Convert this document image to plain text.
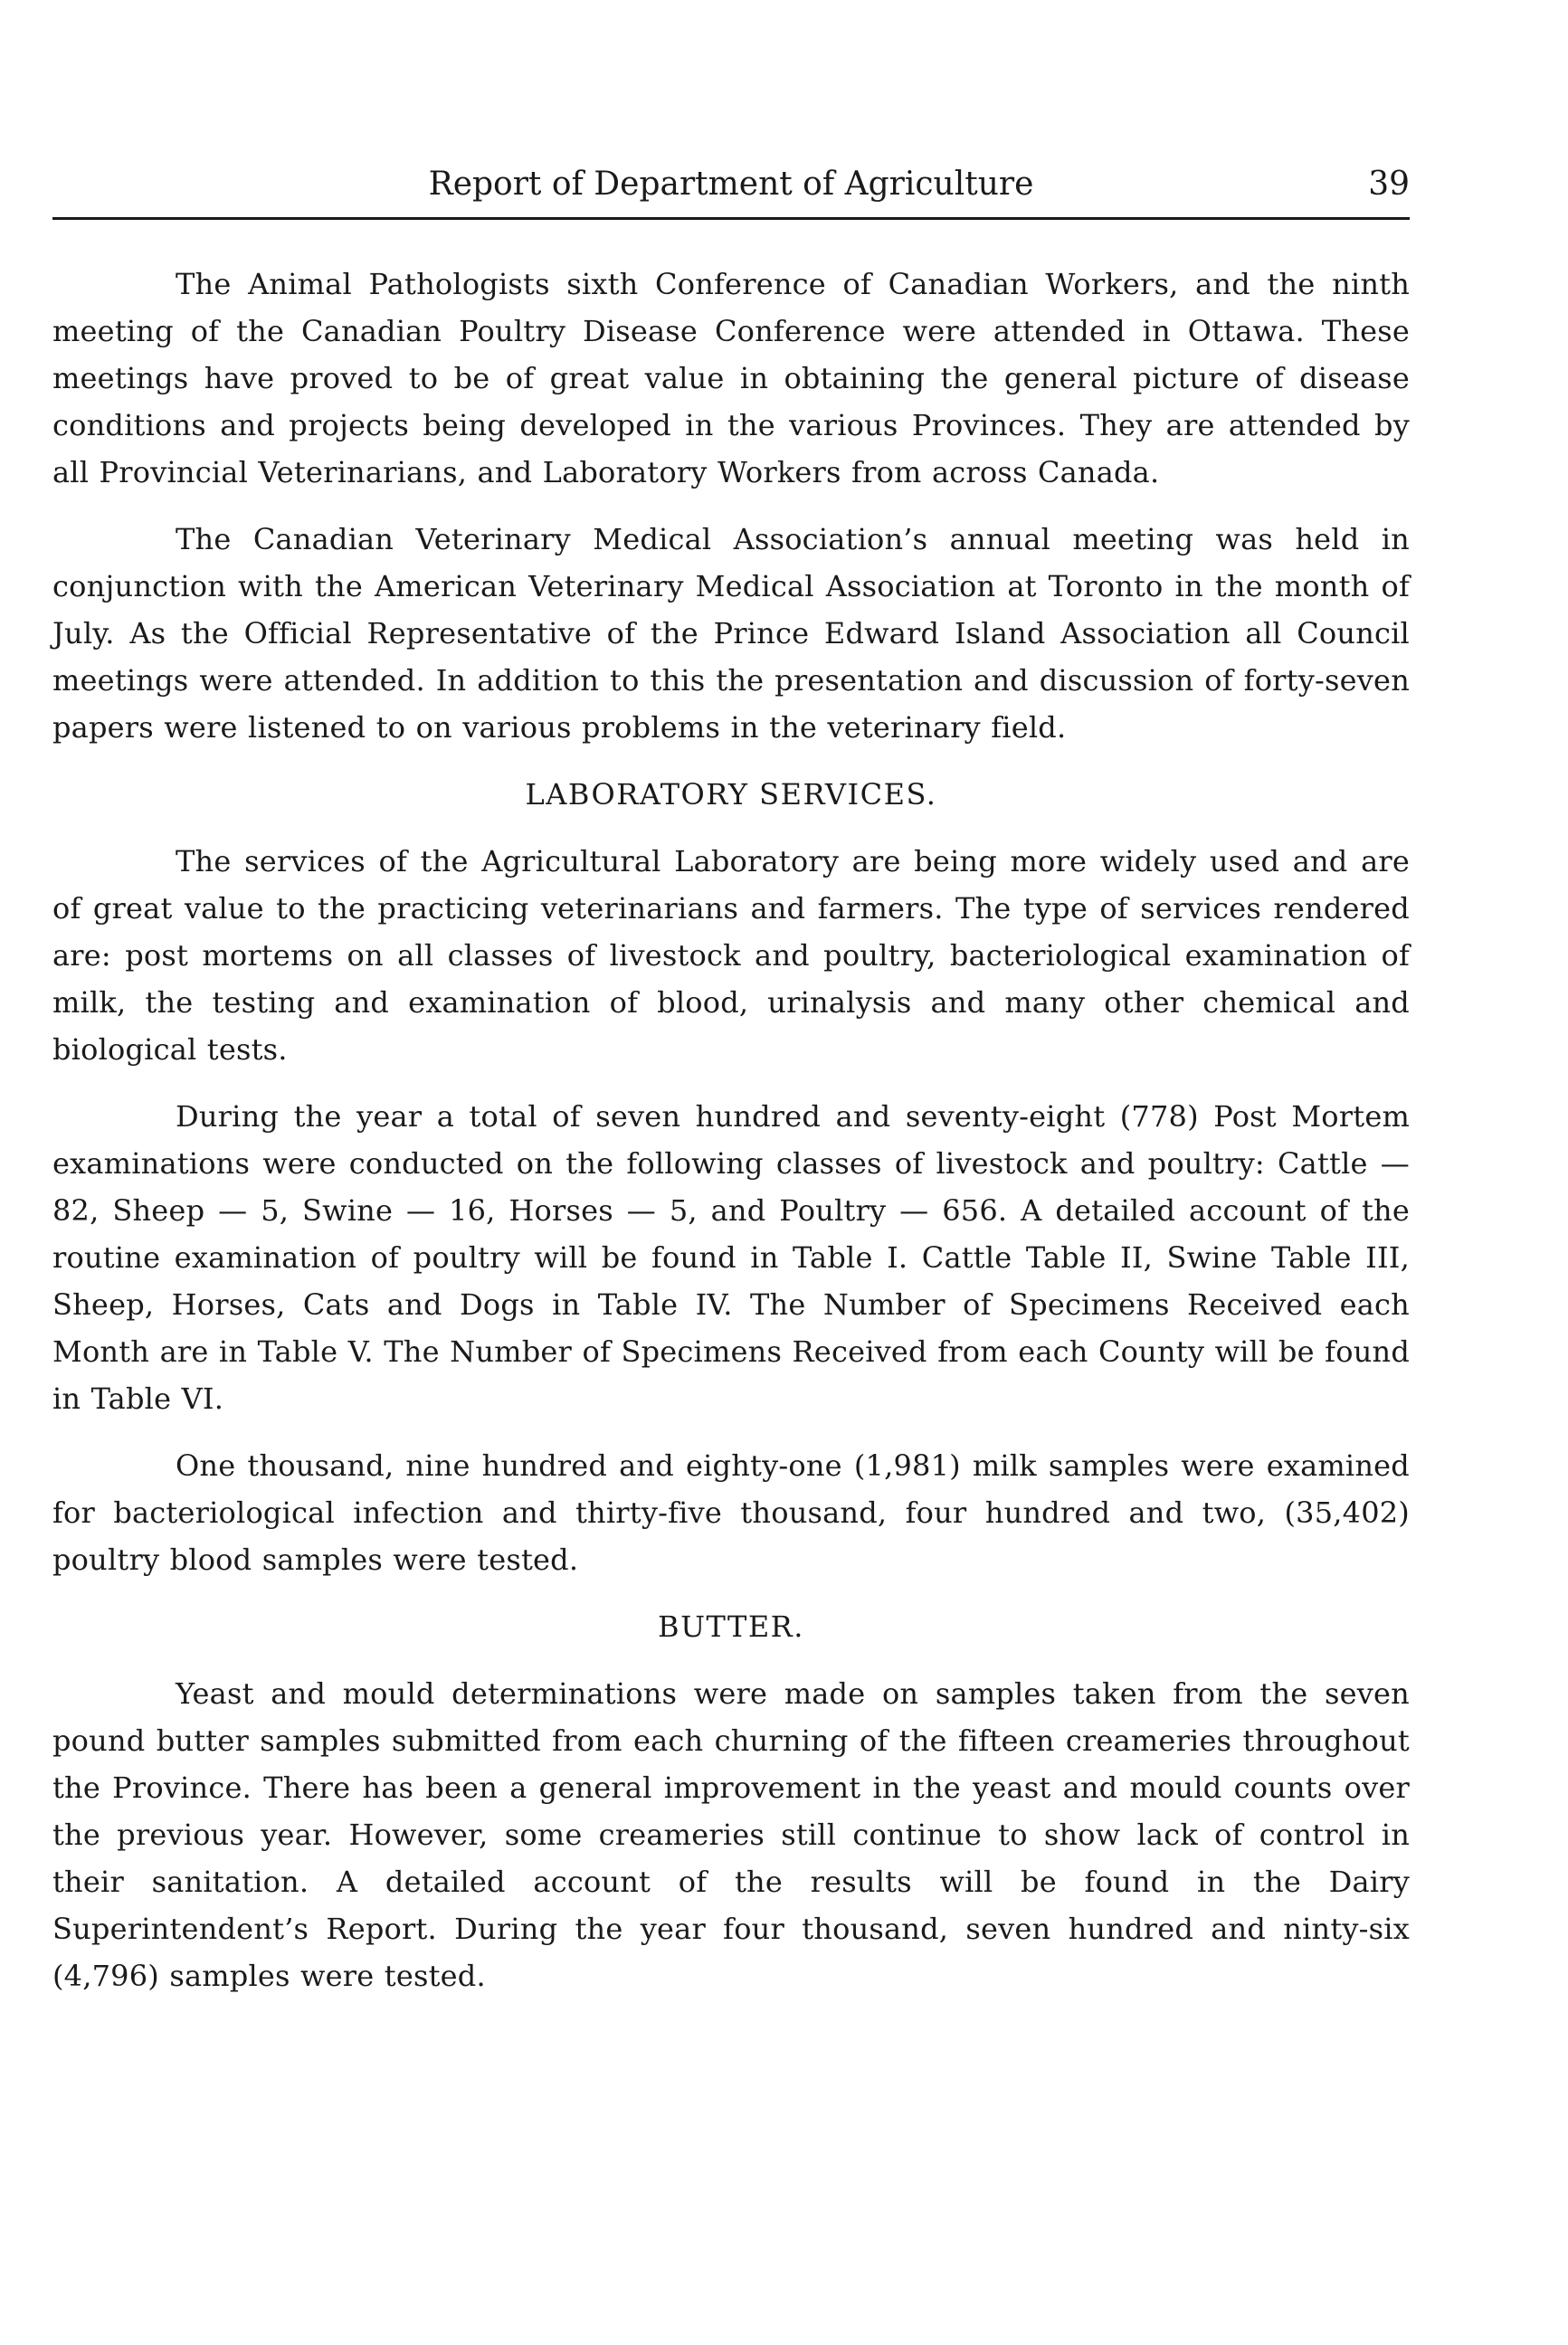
Report of Department of Agriculture	39

The Animal Pathologists sixth Conference of Canadian Workers, and the ninth meeting of the Canadian Poultry Disease Conference were attended in Ottawa. These meetings have proved to be of great value in obtaining the general picture of disease conditions and projects being developed in the various Provinces. They are attended by all Provincial Veterinarians, and Laboratory Workers from across Canada.

The Canadian Veterinary Medical Association’s annual meeting was held in conjunction with the American Veterinary Medical Association at Toronto in the month of July. As the Official Representative of the Prince Edward Island Association all Council meetings were attended. In addition to this the presentation and discussion of forty-seven papers were listened to on various problems in the veterinary field.

LABORATORY SERVICES.

The services of the Agricultural Laboratory are being more widely used and are of great value to the practicing veterinarians and farmers. The type of services rendered are: post mortems on all classes of livestock and poultry, bacteriological examination of milk, the testing and examination of blood, urinalysis and many other chemical and biological tests.

During the year a total of seven hundred and seventy-eight (778) Post Mortem examinations were conducted on the following classes of livestock and poultry: Cattle — 82, Sheep — 5, Swine — 16, Horses — 5, and Poultry — 656. A detailed account of the routine examination of poultry will be found in Table I. Cattle Table II, Swine Table III, Sheep, Horses, Cats and Dogs in Table IV. The Number of Specimens Received each Month are in Table V. The Number of Specimens Received from each County will be found in Table VI.

One thousand, nine hundred and eighty-one (1,981) milk samples were examined for bacteriological infection and thirty-five thousand, four hundred and two, (35,402) poultry blood samples were tested.

BUTTER.

Yeast and mould determinations were made on samples taken from the seven pound butter samples submitted from each churning of the fifteen creameries throughout the Province. There has been a general improvement in the yeast and mould counts over the previous year. However, some creameries still continue to show lack of control in their sanitation. A detailed account of the results will be found in the Dairy Superintendent’s Report. During the year four thousand, seven hundred and ninty-six (4,796) samples were tested.
